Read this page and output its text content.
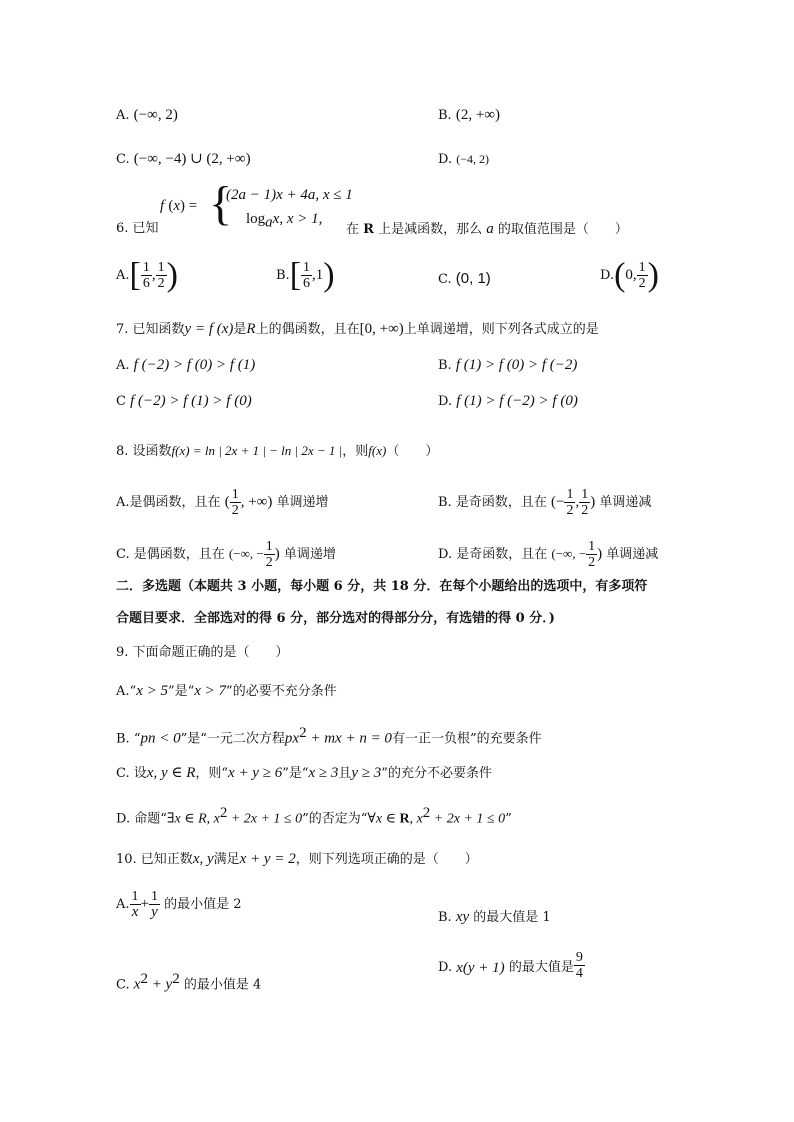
A. (−∞, 2)	B. (2, +∞)
C. (−∞, −4) ∪ (2, +∞)	D. (−4, 2)
6. 已知
f (x) = {
(2a − 1)x + 4a, x ≤ 1
$\log_ax$, x > 1,
在 R 上是减函数，那么 a 的取值范围是（　　）
$A.[ \frac{1}{6}$ , $\frac{1}{2}$ )	$B.[ \frac{1}{6} ,1)$	C. (0, 1)	D.(0, $\frac{1}{2}$ )
7. 已知函数y = f (x)是R上的偶函数，且在[0, +∞)上单调递增，则下列各式成立的是
A. f (−2) > f (0) > f (1)	B. f (1) > f (0) > f (−2)
C f (−2) > f (1) > f (0)	D. f (1) > f (−2) > f (0)
8. 设函数f(x) = ln | 2x + 1 | − ln | 2x − 1 |，则f(x)（　　）
A.是偶函数，且在 ( $\frac{1}{2}$ , +∞) 单调递增	B. 是奇函数，且在 (− $\frac{1}{2}$ , $\frac{1}{2}$ ) 单调递减
C. 是偶函数，且在 (−∞, − $\frac{1}{2}$ ) 单调递增	D. 是奇函数，且在 (−∞, − $\frac{1}{2}$ ) 单调递减
二．多选题（本题共 3 小题，每小题 6 分，共 18 分．在每个小题给出的选项中，有多项符
合题目要求．全部选对的得 6 分，部分选对的得部分分，有选错的得 0 分．)
9. 下面命题正确的是（　　）
A.“x > 5”是“x > 7”的必要不充分条件
B. “pn < 0”是“一元二次方程$px^2$ + mx + n = 0有一正一负根”的充要条件
C. 设x, y ∈ R，则“x + y ≥ 6”是“x ≥ 3且y ≥ 3”的充分不必要条件
D. 命题“∃x ∈ R, $x^2 + 2x + 1 \le 0$”的否定为“∀x ∈ R, $x^2 + 2x + 1 \le 0$”
10. 已知正数x, y满足x + y = 2，则下列选项正确的是（　　）
A. $\frac{1}{x} + \frac{1}{y}$ 的最小值是 2
B. xy 的最大值是 1
C. $x^2 + y^2$ 的最小值是 4
D. x(y + 1) 的最大值是 $\frac{9}{4}$
